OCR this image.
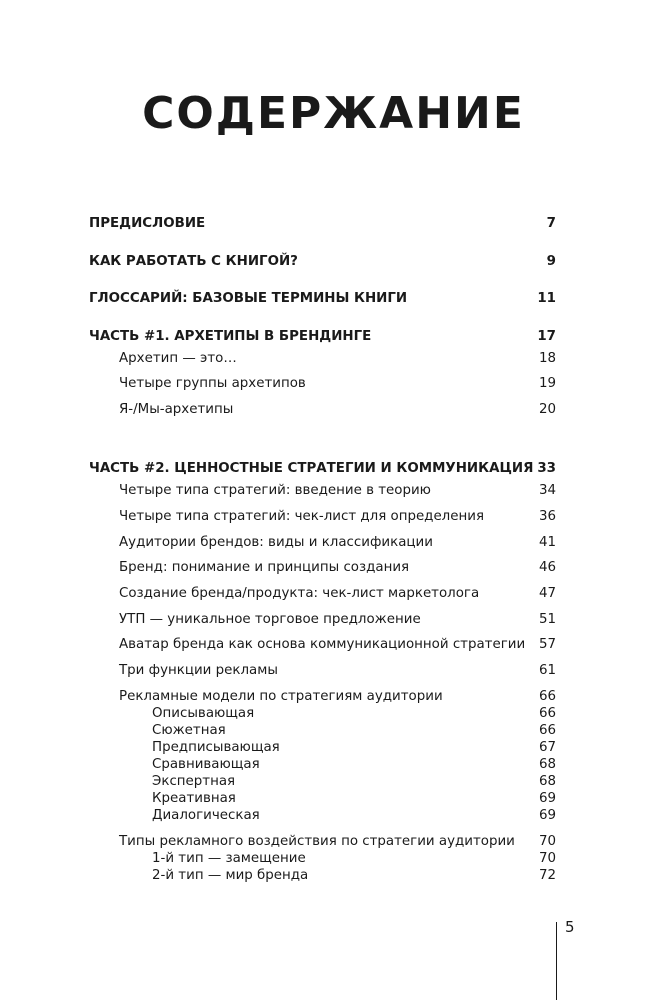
СОДЕРЖАНИЕ
ПРЕДИСЛОВИЕ	7
КАК РАБОТАТЬ С КНИГОЙ?	9
ГЛОССАРИЙ: БАЗОВЫЕ ТЕРМИНЫ КНИГИ	11
ЧАСТЬ #1. АРХЕТИПЫ В БРЕНДИНГЕ	17
Архетип — это…	18
Четыре группы архетипов	19
Я-/Мы-архетипы	20
ЧАСТЬ #2. ЦЕННОСТНЫЕ СТРАТЕГИИ И КОММУНИКАЦИЯ 33
Четыре типа стратегий: введение в теорию	34
Четыре типа стратегий: чек-лист для определения	36
Аудитории брендов: виды и классификации	41
Бренд: понимание и принципы создания	46
Создание бренда/продукта: чек-лист маркетолога	47
УТП — уникальное торговое предложение	51
Аватар бренда как основа коммуникационной стратегии 57
Три функции рекламы	61
Рекламные модели по стратегиям аудитории	66
Описывающая	66
Сюжетная	66
Предписывающая	67
Сравнивающая	68
Экспертная	68
Креативная	69
Диалогическая	69
Типы рекламного воздействия по стратегии аудитории 70
1-й тип — замещение	70
2-й тип — мир бренда	72
5
